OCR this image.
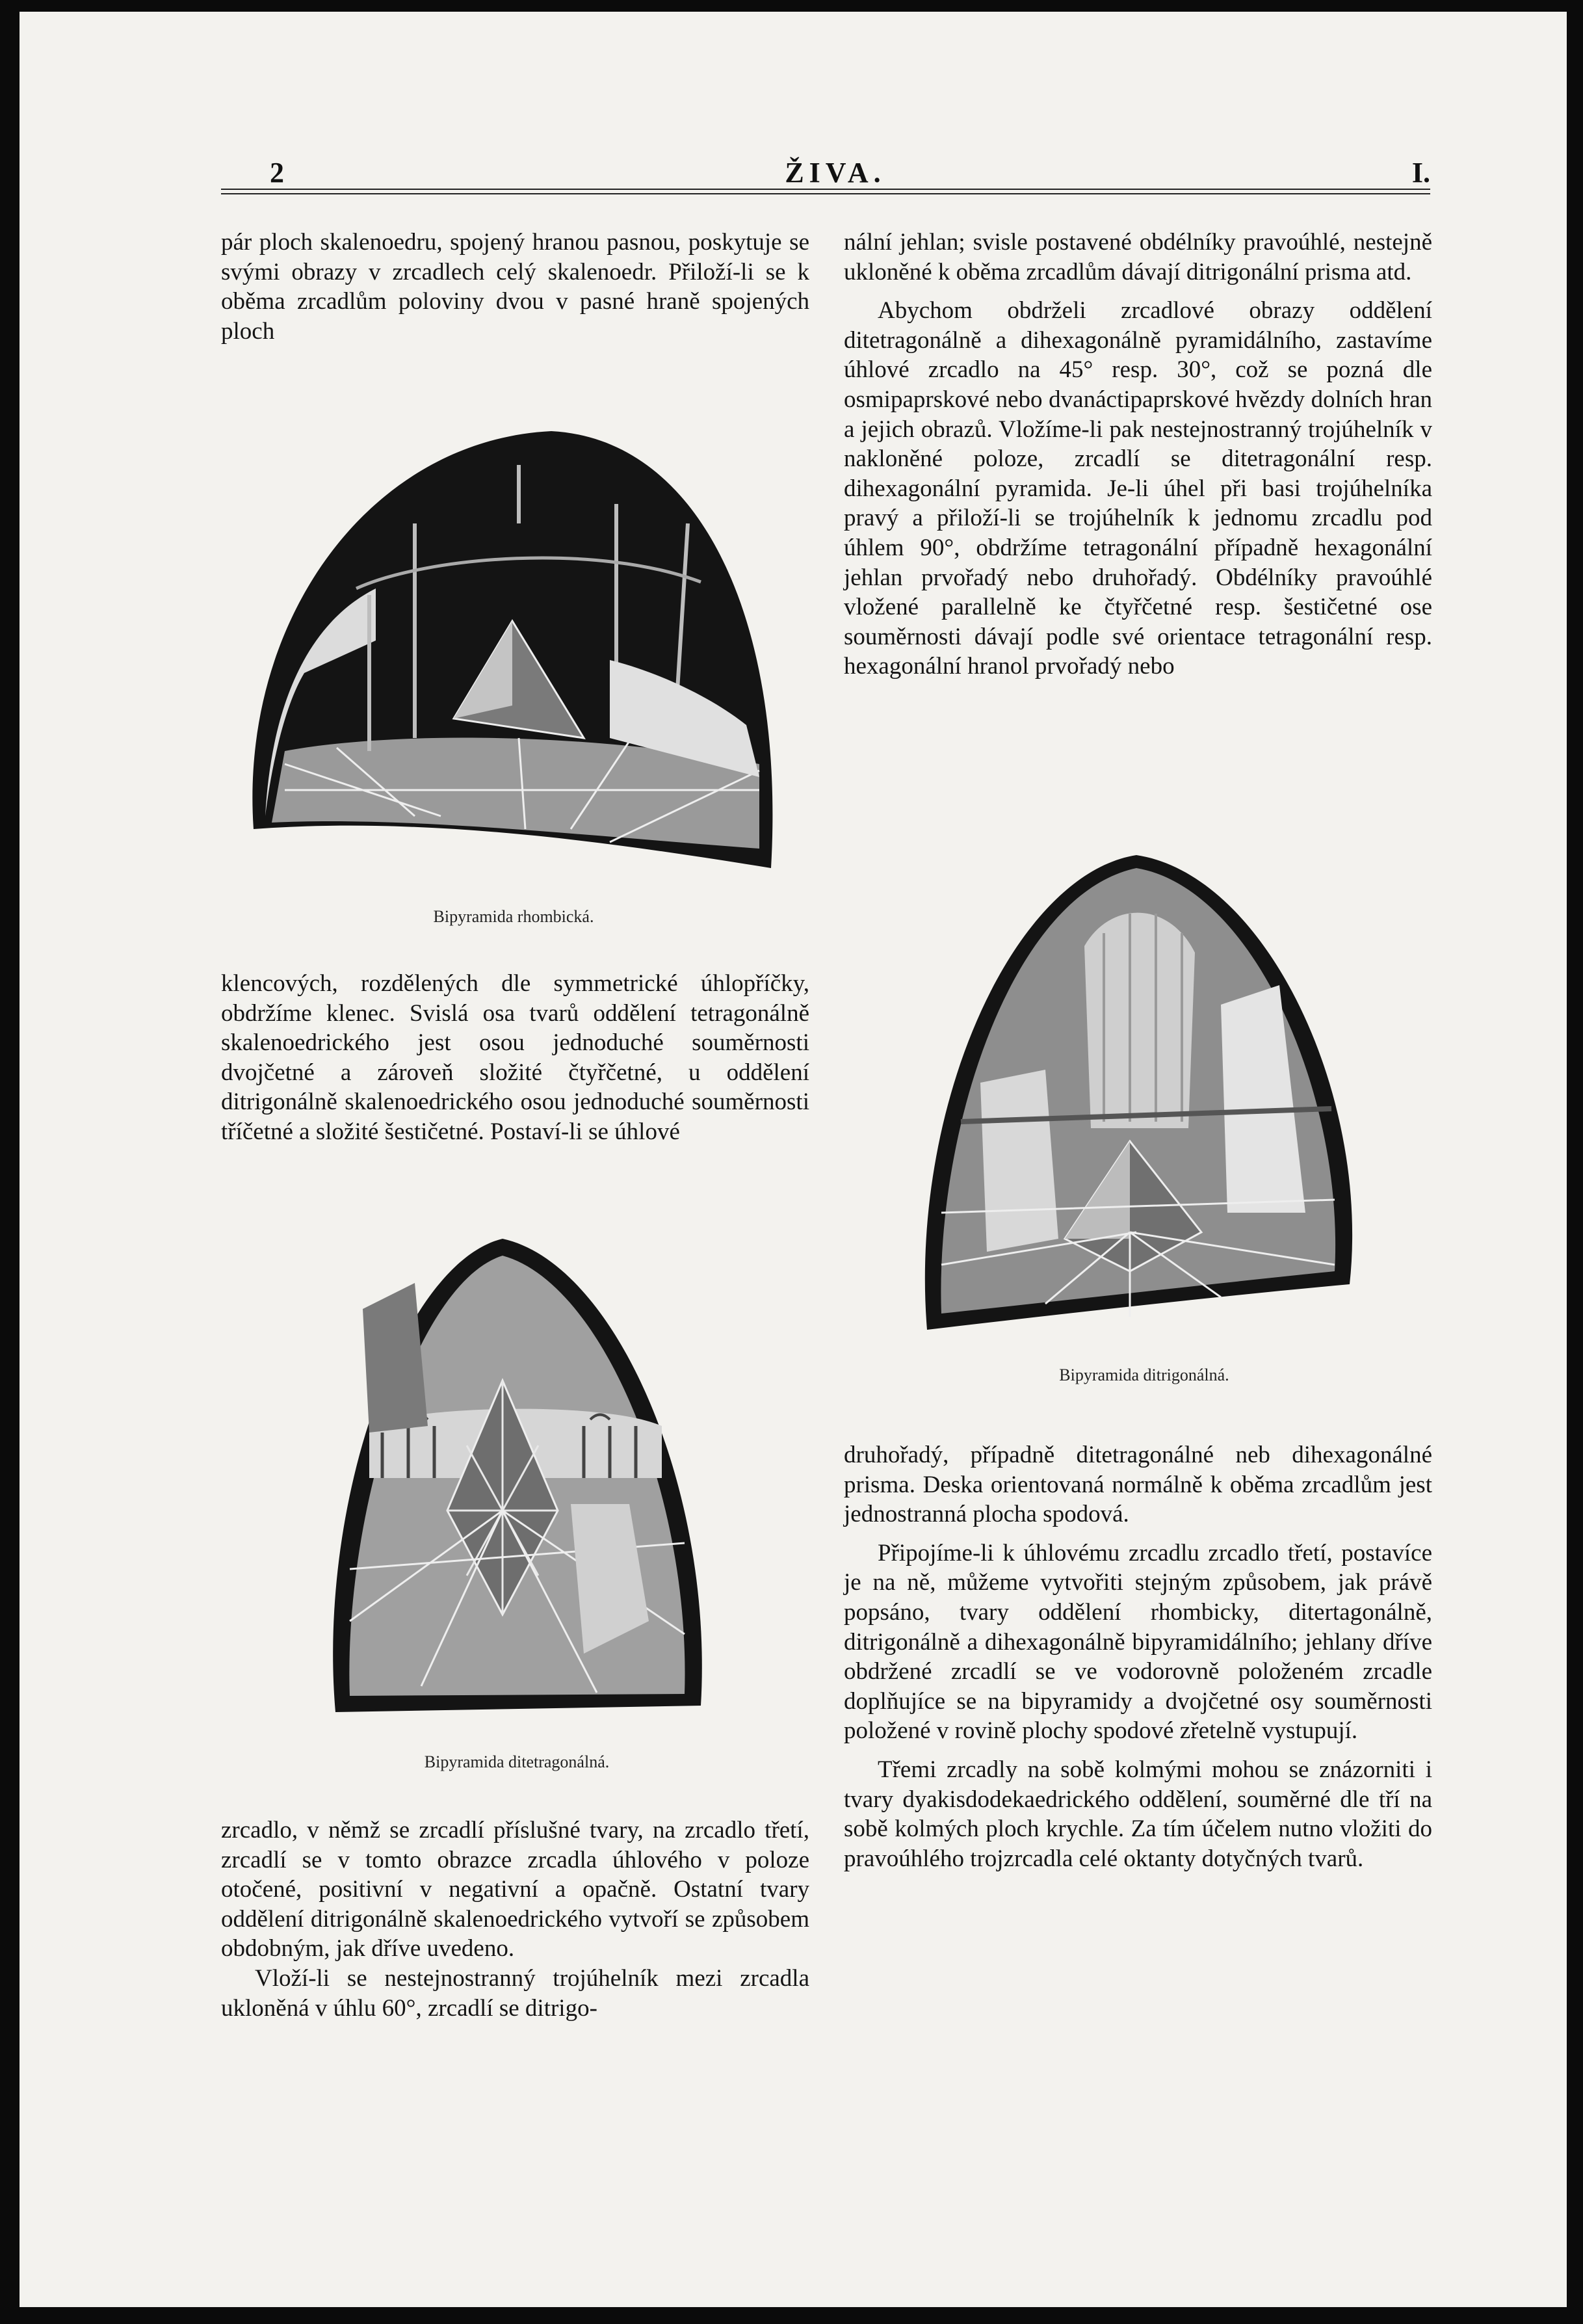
2	ŽIVA.	I.

pár ploch skalenoedru, spojený hranou pasnou, poskytuje se svými obrazy v zrcadlech celý skalenoedr. Přiloží-li se k oběma zrcadlům poloviny dvou v pasné hraně spojených ploch

nální jehlan; svisle postavené obdélníky pravoúhlé, nestejně ukloněné k oběma zrcadlům dávají ditrigonální prisma atd.

Abychom obdrželi zrcadlové obrazy oddělení ditetragonálně a dihexagonálně pyramidálního, zastavíme úhlové zrcadlo na 45° resp. 30°, což se pozná dle osmipaprskové nebo dvanáctipaprskové hvězdy dolních hran a jejich obrazů. Vložíme-li pak nestejnostranný trojúhelník v nakloněné poloze, zrcadlí se ditetragonální resp. dihexagonální pyramida. Je-li úhel při basi trojúhelníka pravý a přiloží-li se trojúhelník k jednomu zrcadlu pod úhlem 90°, obdržíme tetragonální případně hexagonální jehlan prvořadý nebo druhořadý. Obdélníky pravoúhlé vložené parallelně ke čtyřčetné resp. šestičetné ose souměrnosti dávají podle své orientace tetragonální resp. hexagonální hranol prvořadý nebo

Bipyramida rhombická.

klencových, rozdělených dle symmetrické úhlopříčky, obdržíme klenec. Svislá osa tvarů oddělení tetragonálně skalenoedrického jest osou jednoduché souměrnosti dvojčetné a zároveň složité čtyřčetné, u oddělení ditrigonálně skalenoedrického osou jednoduché souměrnosti tříčetné a složité šestičetné. Postaví-li se úhlové

Bipyramida ditrigonálná.
Bipyramida ditetragonálná.

druhořadý, případně ditetragonálné neb dihexagonálné prisma. Deska orientovaná normálně k oběma zrcadlům jest jednostranná plocha spodová.

Připojíme-li k úhlovému zrcadlu zrcadlo třetí, postavíce je na ně, můžeme vytvořiti stejným způsobem, jak právě popsáno, tvary oddělení rhombicky, ditertagonálně, ditrigonálně a dihexagonálně bipyramidálního; jehlany dříve obdržené zrcadlí se ve vodorovně položeném zrcadle doplňujíce se na bipyramidy a dvojčetné osy souměrnosti položené v rovině plochy spodové zřetelně vystupují.

Třemi zrcadly na sobě kolmými mohou se znázorniti i tvary dyakisdodekaedrického oddělení, souměrné dle tří na sobě kolmých ploch krychle. Za tím účelem nutno vložiti do pravoúhlého trojzrcadla celé oktanty dotyčných tvarů.

zrcadlo, v němž se zrcadlí příslušné tvary, na zrcadlo třetí, zrcadlí se v tomto obrazce zrcadla úhlového v poloze otočené, positivní v negativní a opačně. Ostatní tvary oddělení ditrigonálně skalenoedrického vytvoří se způsobem obdobným, jak dříve uvedeno.

Vloží-li se nestejnostranný trojúhelník mezi zrcadla ukloněná v úhlu 60°, zrcadlí se ditrigo-
